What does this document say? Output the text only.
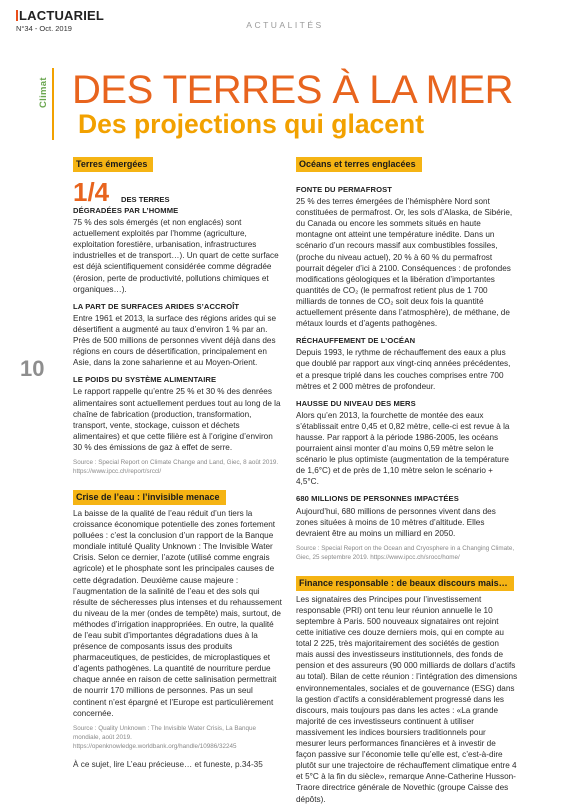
LACTUARIEL
N°34 - Oct. 2019	ACTUALITÉS
Climat DES TERRES À LA MER
Des projections qui glacent
10
Terres émergées
1/4 DES TERRES
DÉGRADÉES PAR L’HOMME

75 % des sols émergés (et non englacés) sont actuellement exploités par l’homme (agriculture, exploitation forestière, urbanisation, infrastructures industrielles et de transport…). Un quart de cette surface est déjà scientifiquement considérée comme dégradée (érosion, perte de productivité, pollutions chimiques et organiques…).

LA PART DE SURFACES ARIDES S’ACCROÎT

Entre 1961 et 2013, la surface des régions arides qui se désertifient a augmenté au taux d’environ 1 % par an. Près de 500 millions de personnes vivent déjà dans des régions en cours de désertification, principalement en Asie, dans la zone saharienne et au Moyen-Orient.

LE POIDS DU SYSTÈME ALIMENTAIRE

Le rapport rappelle qu’entre 25 % et 30 % des denrées alimentaires sont actuellement perdues tout au long de la chaîne de fabrication (production, transformation, transport, vente, stockage, cuisson et déchets alimentaires) et que cette filière est à l’origine d’environ 30 % des émissions de gaz à effet de serre.

Source : Special Report on Climate Change and Land, Giec, 8 août 2019. https://www.ipcc.ch/report/srccl/
Crise de l’eau : l’invisible menace

La baisse de la qualité de l’eau réduit d’un tiers la croissance économique potentielle des zones fortement polluées : c’est la conclusion d’un rapport de la Banque mondiale intitulé Quality Unknown : The Invisible Water Crisis. Selon ce dernier, l’azote (utilisé comme engrais agricole) et le phosphate sont les principales causes de cette dégradation. Deuxième cause majeure : l’augmentation de la salinité de l’eau et des sols qui résulte de sécheresses plus intenses et du rehaussement du niveau de la mer (ondes de tempête) mais, surtout, de méthodes d’irrigation inappropriées. En outre, la qualité de l’eau subit d’importantes dégradations dues à la présence de composants issus des produits pharmaceutiques, de pesticides, de microplastiques et d’agents pathogènes. La quantité de nourriture perdue chaque année en raison de cette salinisation permettrait de nourrir 170 millions de personnes. Pas un seul continent n’est épargné et l’Europe est particulièrement concernée.

Source : Quality Unknown : The Invisible Water Crisis, La Banque mondiale, août 2019. https://openknowledge.worldbank.org/handle/10986/32245

À ce sujet, lire L’eau précieuse… et funeste, p.34-35

Océans et terres englacées
FONTE DU PERMAFROST

25 % des terres émergées de l’hémisphère Nord sont constituées de permafrost. Or, les sols d’Alaska, de Sibérie, du Canada ou encore les sommets situés en haute montagne ont atteint une température inédite. Dans un scénario d’un recours massif aux combustibles fossiles, (proche du niveau actuel), 20 % à 60 % du permafrost pourrait dégeler d’ici à 2100. Conséquences : de profondes modifications géologiques et la libération d’importantes quantités de CO₂ (le permafrost retient plus de 1 700 milliards de tonnes de CO₂ soit deux fois la quantité actuellement présente dans l’atmosphère), de méthane, de métaux lourds et d’agents pathogènes.

RÉCHAUFFEMENT DE L’OCÉAN

Depuis 1993, le rythme de réchauffement des eaux a plus que doublé par rapport aux vingt-cinq années précédentes, et a presque triplé dans les couches comprises entre 700 mètres et 2 000 mètres de profondeur.

HAUSSE DU NIVEAU DES MERS

Alors qu’en 2013, la fourchette de montée des eaux s’établissait entre 0,45 et 0,82 mètre, celle-ci est revue à la hausse. Par rapport à la période 1986-2005, les océans pourraient ainsi monter d’au moins 0,59 mètre selon le scénario le plus optimiste (augmentation de la température de 1,6°C) et de près de 1,10 mètre selon le scénario + 4,5°C.

680 MILLIONS DE PERSONNES IMPACTÉES

Aujourd’hui, 680 millions de personnes vivent dans des zones situées à moins de 10 mètres d’altitude. Elles devraient être au moins un milliard en 2050.

Source : Special Report on the Ocean and Cryosphere in a Changing Climate, Giec, 25 septembre 2019. https://www.ipcc.ch/srocc/home/
Finance responsable : de beaux discours mais…

Les signataires des Principes pour l’investissement responsable (PRI) ont tenu leur réunion annuelle le 10 septembre à Paris. 500 nouveaux signataires ont rejoint cette initiative ces douze derniers mois, qui en compte au total 2 225, très majoritairement des sociétés de gestion mais aussi des investisseurs institutionnels, des fonds de pension et des assureurs (90 000 milliards de dollars d’actifs au total). Bilan de cette réunion : l’intégration des dimensions environnementales, sociales et de gouvernance (ESG) dans la gestion d’actifs a considérablement progressé dans les discours, mais toujours pas dans les actes : «La grande majorité de ces investisseurs continuent à utiliser massivement les indices boursiers traditionnels pour mesurer leurs performances financières et à investir de façon passive sur l’économie telle qu’elle est, c’est-à-dire plutôt sur une trajectoire de réchauffement climatique entre 4 et 5°C à la fin du siècle», remarque Anne-Catherine Husson-Traore directrice générale de Novethic (groupe Caisse des dépôts).
